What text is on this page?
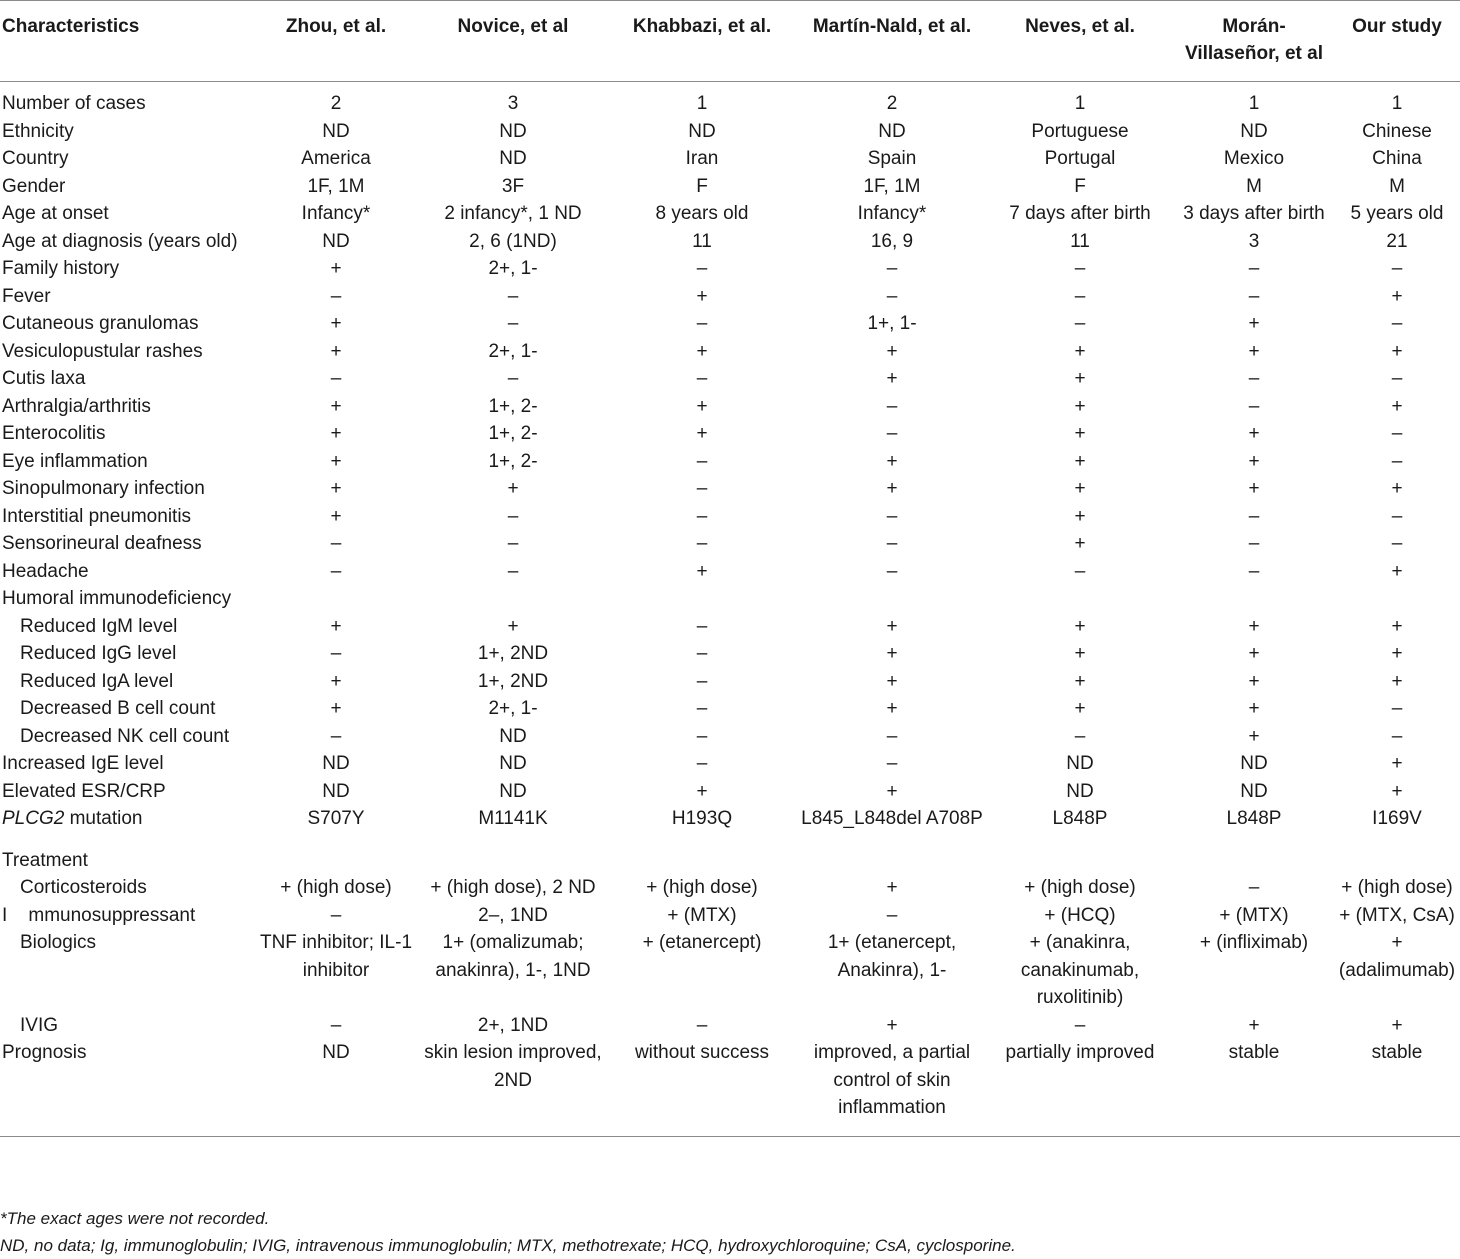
Characteristics	Zhou, et al.	Novice, et al	Khabbazi, et al.	Martín-Nald, et al.	Neves, et al.	Morán-Villaseñor, et al	Our study

Number of cases	2	3	1	2	1	1	1
Ethnicity	ND	ND	ND	ND	Portuguese	ND	Chinese
Country	America	ND	Iran	Spain	Portugal	Mexico	China
Gender	1F, 1M	3F	F	1F, 1M	F	M	M
Age at onset	Infancy*	2 infancy*, 1 ND	8 years old	Infancy*	7 days after birth	3 days after birth	5 years old
Age at diagnosis (years old)	ND	2, 6 (1ND)	11	16, 9	11	3	21
Family history	+	2+, 1-	–	–	–	–	–
Fever	–	–	+	–	–	–	+
Cutaneous granulomas	+	–	–	1+, 1-	–	+	–
Vesiculopustular rashes	+	2+, 1-	+	+	+	+	+
Cutis laxa	–	–	–	+	+	–	–
Arthralgia/arthritis	+	1+, 2-	+	–	+	–	+
Enterocolitis	+	1+, 2-	+	–	+	+	–
Eye inflammation	+	1+, 2-	–	+	+	+	–
Sinopulmonary infection	+	+	–	+	+	+	+
Interstitial pneumonitis	+	–	–	–	+	–	–
Sensorineural deafness	–	–	–	–	+	–	–
Headache	–	–	+	–	–	–	+
Humoral immunodeficiency							
Reduced IgM level	+	+	–	+	+	+	+
Reduced IgG level	–	1+, 2ND	–	+	+	+	+
Reduced IgA level	+	1+, 2ND	–	+	+	+	+
Decreased B cell count	+	2+, 1-	–	+	+	+	–
Decreased NK cell count	–	ND	–	–	–	+	–
Increased IgE level	ND	ND	–	–	ND	ND	+
Elevated ESR/CRP	ND	ND	+	+	ND	ND	+
PLCG2 mutation	S707Y	M1141K	H193Q	L845_L848del A708P	L848P	L848P	I169V
Treatment							
Corticosteroids	+ (high dose)	+ (high dose), 2 ND	+ (high dose)	+	+ (high dose)	–	+ (high dose)
I    mmunosuppressant	–	2–, 1ND	+ (MTX)	–	+ (HCQ)	+ (MTX)	+ (MTX, CsA)
Biologics	TNF inhibitor; IL-1 inhibitor	1+ (omalizumab; anakinra), 1-, 1ND	+ (etanercept)	1+ (etanercept, Anakinra), 1-	+ (anakinra, canakinumab, ruxolitinib)	+ (infliximab)	+ (adalimumab)
IVIG	–	2+, 1ND	–	+	–	+	+
Prognosis	ND	skin lesion improved, 2ND	without success	improved, a partial control of skin inflammation	partially improved	stable	stable

*The exact ages were not recorded.

ND, no data; Ig, immunoglobulin; IVIG, intravenous immunoglobulin; MTX, methotrexate; HCQ, hydroxychloroquine; CsA, cyclosporine.
